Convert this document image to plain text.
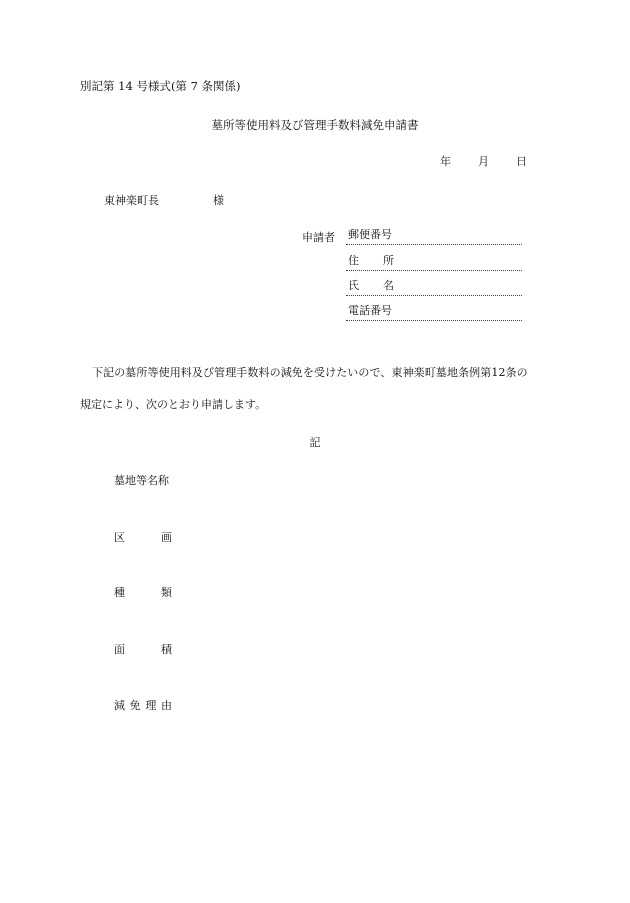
別記第 14 号様式(第 7 条関係)
墓所等使用料及び管理手数料減免申請書
年 月 日
東神楽町長	様
申請者 郵便番号
住 所
氏 名
電話番号
下記の墓所等使用料及び管理手数料の減免を受けたいので、東神楽町墓地条例第12条の
規定により、次のとおり申請します。
記
墓地等名称
区	画
種	類
面	積
減 免 理 由
